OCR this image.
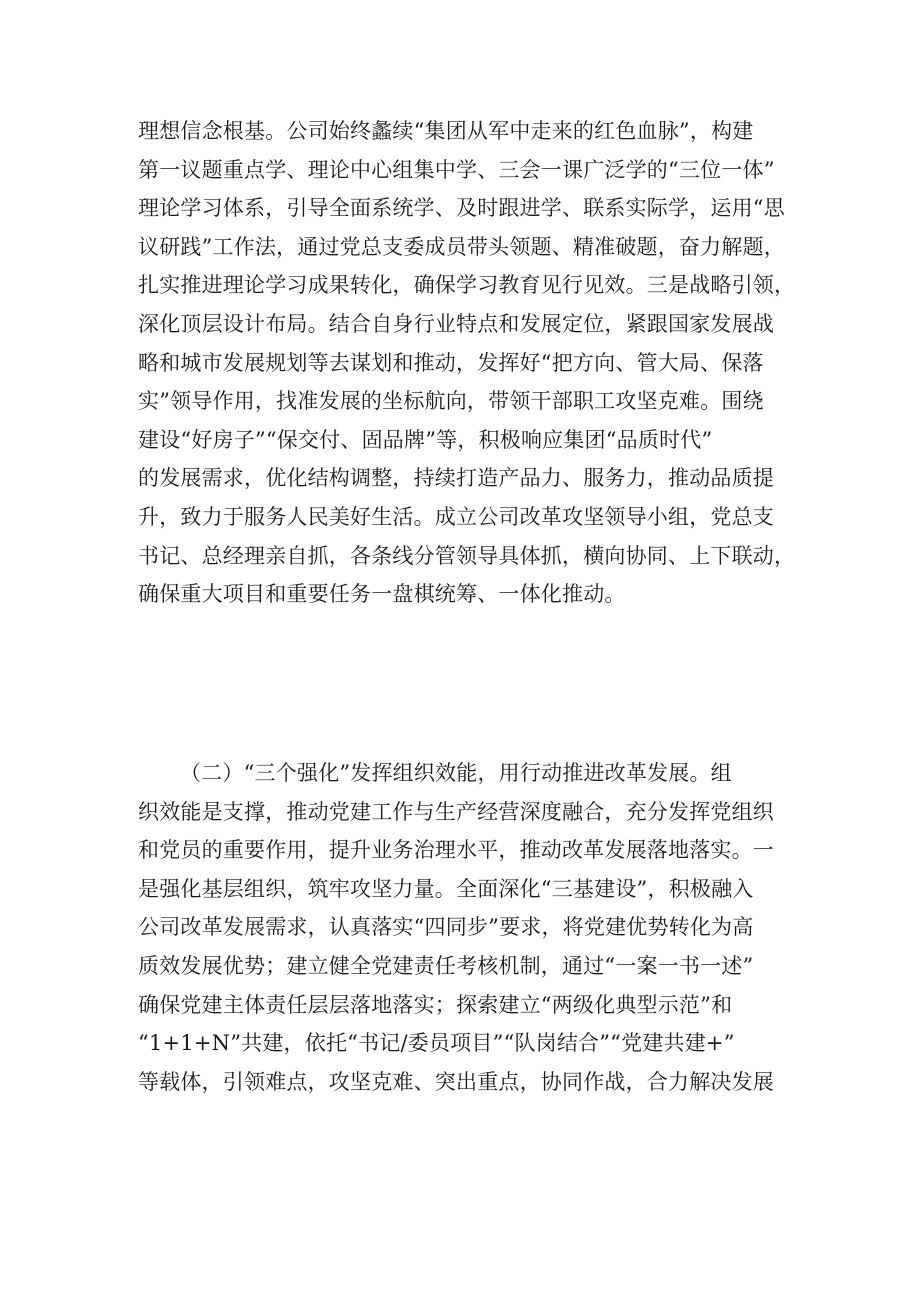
理想信念根基。公司始终蠡续“集团从军中走来的红色血脉”，构建
第一议题重点学、理论中心组集中学、三会一课广泛学的“三位一体”
理论学习体系，引导全面系统学、及时跟进学、联系实际学，运用“思
议研践”工作法，通过党总支委成员带头领题、精准破题，奋力解题，
扎实推进理论学习成果转化，确保学习教育见行见效。三是战略引领，
深化顶层设计布局。结合自身行业特点和发展定位，紧跟国家发展战
略和城市发展规划等去谋划和推动，发挥好“把方向、管大局、保落
实”领导作用，找准发展的坐标航向，带领干部职工攻坚克难。围绕
建设“好房子”“保交付、固品牌”等，积极响应集团“品质时代”
的发展需求，优化结构调整，持续打造产品力、服务力，推动品质提
升，致力于服务人民美好生活。成立公司改革攻坚领导小组，党总支
书记、总经理亲自抓，各条线分管领导具体抓，横向协同、上下联动，
确保重大项目和重要任务一盘棋统筹、一体化推动。
（二）“三个强化”发挥组织效能，用行动推进改革发展。组
织效能是支撑，推动党建工作与生产经营深度融合，充分发挥党组织
和党员的重要作用，提升业务治理水平，推动改革发展落地落实。一
是强化基层组织，筑牢攻坚力量。全面深化“三基建设”，积极融入
公司改革发展需求，认真落实“四同步”要求，将党建优势转化为高
质效发展优势；建立健全党建责任考核机制，通过“一案一书一述”
确保党建主体责任层层落地落实；探索建立“两级化典型示范”和
“1+1+N”共建，依托“书记/委员项目”“队岗结合”“党建共建+”
等载体，引领难点，攻坚克难、突出重点，协同作战，合力解决发展
